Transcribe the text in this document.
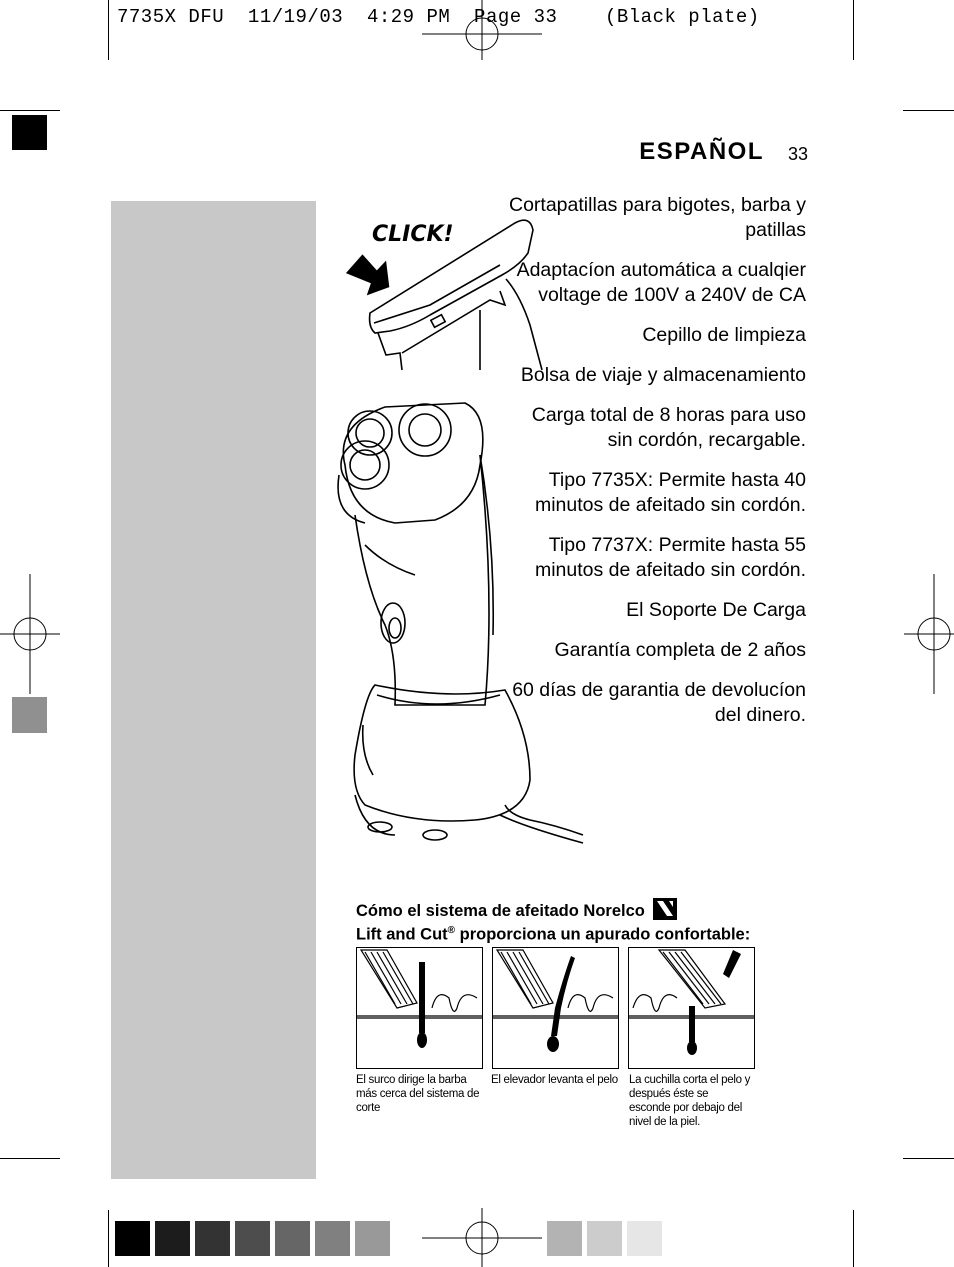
7735X DFU  11/19/03  4:29 PM  Page 33    (Black plate)
ESPAÑOL 33
CLICK!
Cortapatillas para bigotes, barba y patillas
Adaptacíon automática a cualqier voltage de 100V a 240V de CA
Cepillo de limpieza
Bolsa de viaje y almacenamiento
Carga total de 8 horas para uso sin cordón, recargable.
Tipo 7735X: Permite hasta 40 minutos de afeitado sin cordón.
Tipo 7737X: Permite hasta 55 minutos de afeitado sin cordón.
El Soporte De Carga
Garantía completa de 2 años
60 días de garantia de devolucíon del dinero.
Cómo el sistema de afeitado Norelco
Lift and Cut® proporciona un apurado confortable:
El surco dirige la barba más cerca del sistema de corte
El elevador levanta el pelo La cuchilla corta el pelo y después éste se esconde por debajo del nivel de la piel.
